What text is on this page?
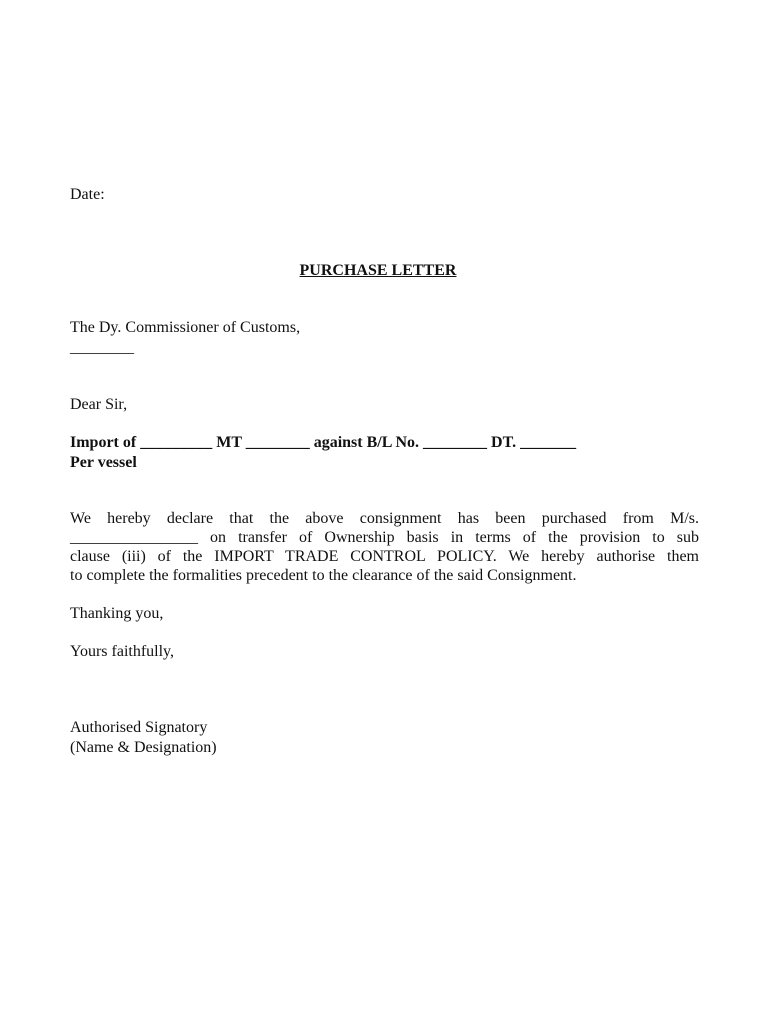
Date:
PURCHASE LETTER
The Dy. Commissioner of Customs,
________
Dear Sir,
Import of _________ MT ________ against B/L No. ________ DT. _______
Per vessel
We hereby declare that the above consignment has been purchased from M/s.
________________ on transfer of Ownership basis in terms of the provision to sub
clause (iii) of the IMPORT TRADE CONTROL POLICY. We hereby authorise them
to complete the formalities precedent to the clearance of the said Consignment.
Thanking you,
Yours faithfully,
Authorised Signatory
(Name & Designation)
